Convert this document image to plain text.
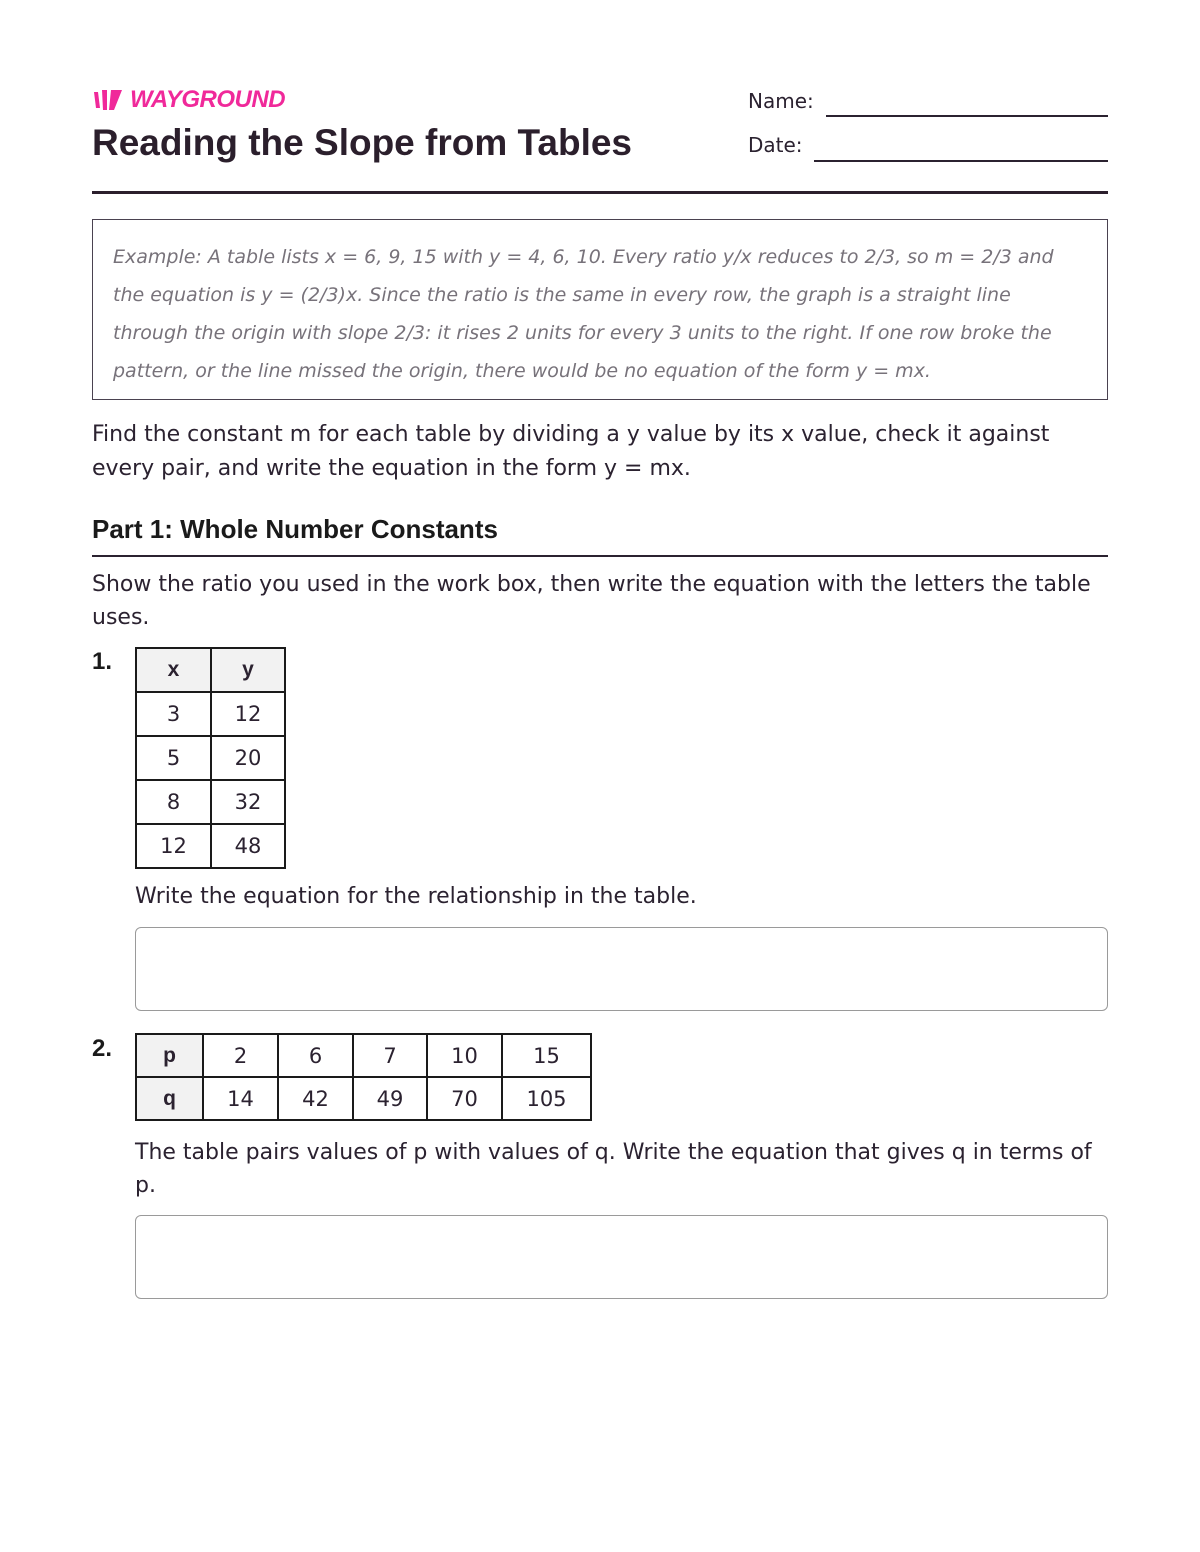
WAYGROUND
Reading the Slope from Tables
Name:
Date:

Example: A table lists x = 6, 9, 15 with y = 4, 6, 10. Every ratio y/x reduces to 2/3, so m = 2/3 and the equation is y = (2/3)x. Since the ratio is the same in every row, the graph is a straight line through the origin with slope 2/3: it rises 2 units for every 3 units to the right. If one row broke the pattern, or the line missed the origin, there would be no equation of the form y = mx.

Find the constant m for each table by dividing a y value by its x value, check it against every pair, and write the equation in the form y = mx.

Part 1: Whole Number Constants

Show the ratio you used in the work box, then write the equation with the letters the table uses.

1.	x	y
3	12
5	20
8	32
12	48

Write the equation for the relationship in the table.

2. p	2	6	7	10	15
q	14	42	49	70	105

The table pairs values of p with values of q. Write the equation that gives q in terms of p.
